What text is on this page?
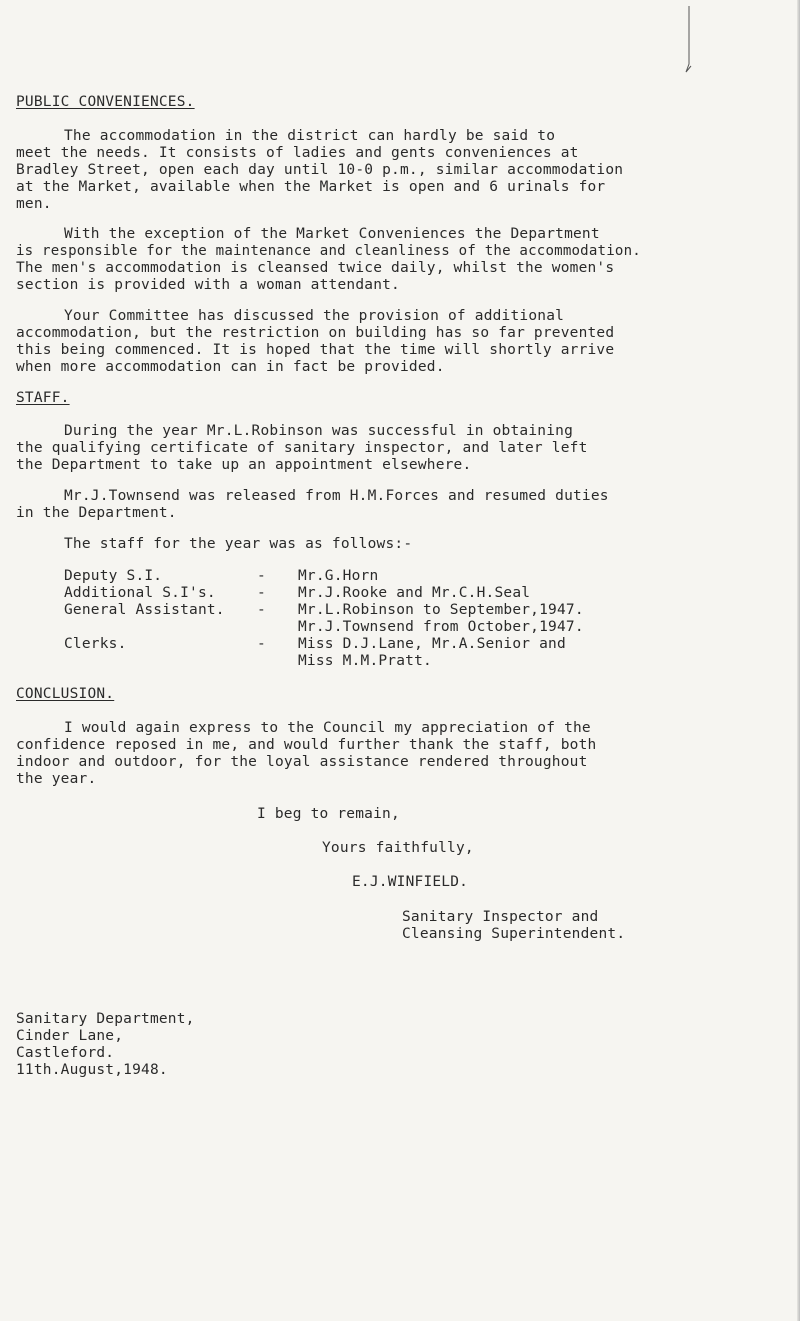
PUBLIC CONVENIENCES.

The accommodation in the district can hardly be said to

meet the needs. It consists of ladies and gents conveniences at

Bradley Street, open each day until 10-0 p.m., similar accommodation

at the Market, available when the Market is open and 6 urinals for

men.

With the exception of the Market Conveniences the Department

is responsible for the maintenance and cleanliness of the accommodation.

The men's accommodation is cleansed twice daily, whilst the women's

section is provided with a woman attendant.

Your Committee has discussed the provision of additional

accommodation, but the restriction on building has so far prevented

this being commenced. It is hoped that the time will shortly arrive

when more accommodation can in fact be provided.

STAFF.

During the year Mr.L.Robinson was successful in obtaining

the qualifying certificate of sanitary inspector, and later left

the Department to take up an appointment elsewhere.

Mr.J.Townsend was released from H.M.Forces and resumed duties

in the Department.

The staff for the year was as follows:-

Deputy S.I.	- Mr.G.Horn

Additional S.I's.	- Mr.J.Rooke and Mr.C.H.Seal

General Assistant. - Mr.L.Robinson to September,1947.

Mr.J.Townsend from October,1947.

Clerks.	- Miss D.J.Lane, Mr.A.Senior and

Miss M.M.Pratt.

CONCLUSION.

I would again express to the Council my appreciation of the

confidence reposed in me, and would further thank the staff, both

indoor and outdoor, for the loyal assistance rendered throughout

the year.

I beg to remain,

Yours faithfully,

E.J.WINFIELD.

Sanitary Inspector and

Cleansing Superintendent.

Sanitary Department,

Cinder Lane,

Castleford.

11th.August,1948.
